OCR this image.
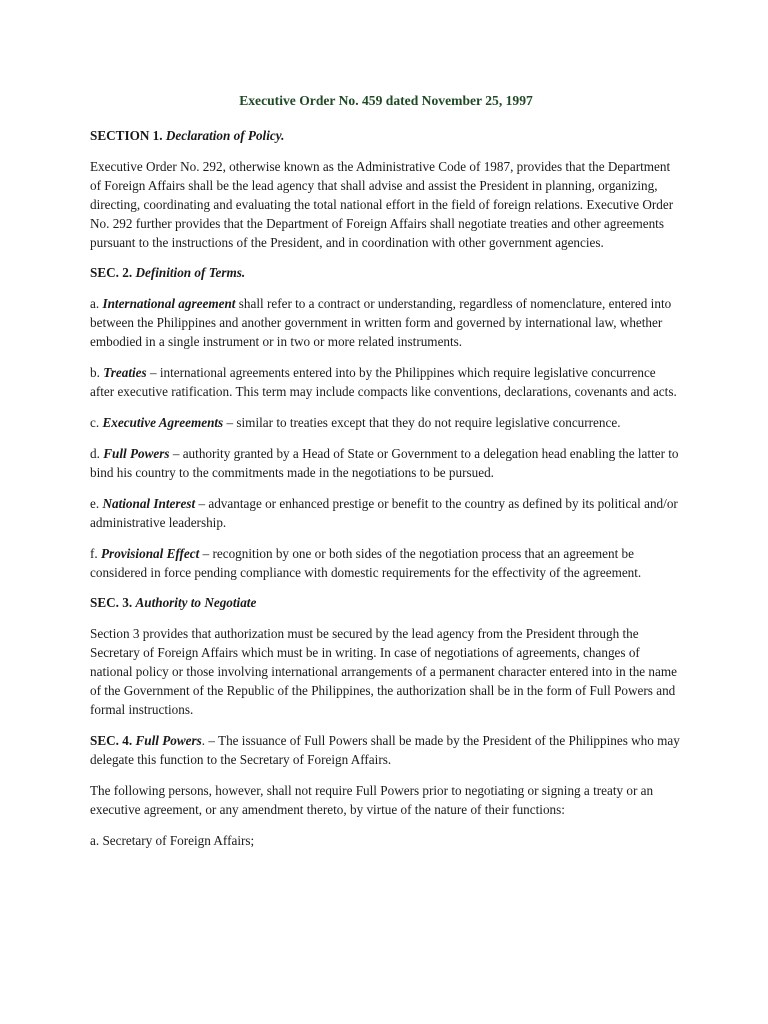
Executive Order No. 459 dated November 25, 1997
SECTION 1. Declaration of Policy.

Executive Order No. 292, otherwise known as the Administrative Code of 1987, provides that the Department of Foreign Affairs shall be the lead agency that shall advise and assist the President in planning, organizing, directing, coordinating and evaluating the total national effort in the field of foreign relations. Executive Order No. 292 further provides that the Department of Foreign Affairs shall negotiate treaties and other agreements pursuant to the instructions of the President, and in coordination with other government agencies.

SEC. 2. Definition of Terms.

a. International agreement shall refer to a contract or understanding, regardless of nomenclature, entered into between the Philippines and another government in written form and governed by international law, whether embodied in a single instrument or in two or more related instruments.

b. Treaties – international agreements entered into by the Philippines which require legislative concurrence after executive ratification. This term may include compacts like conventions, declarations, covenants and acts.

c. Executive Agreements – similar to treaties except that they do not require legislative concurrence.

d. Full Powers – authority granted by a Head of State or Government to a delegation head enabling the latter to bind his country to the commitments made in the negotiations to be pursued.

e. National Interest – advantage or enhanced prestige or benefit to the country as defined by its political and/or administrative leadership.

f. Provisional Effect – recognition by one or both sides of the negotiation process that an agreement be considered in force pending compliance with domestic requirements for the effectivity of the agreement.

SEC. 3. Authority to Negotiate

Section 3 provides that authorization must be secured by the lead agency from the President through the Secretary of Foreign Affairs which must be in writing. In case of negotiations of agreements, changes of national policy or those involving international arrangements of a permanent character entered into in the name of the Government of the Republic of the Philippines, the authorization shall be in the form of Full Powers and formal instructions.

SEC. 4. Full Powers. – The issuance of Full Powers shall be made by the President of the Philippines who may delegate this function to the Secretary of Foreign Affairs.

The following persons, however, shall not require Full Powers prior to negotiating or signing a treaty or an executive agreement, or any amendment thereto, by virtue of the nature of their functions:

a. Secretary of Foreign Affairs;
